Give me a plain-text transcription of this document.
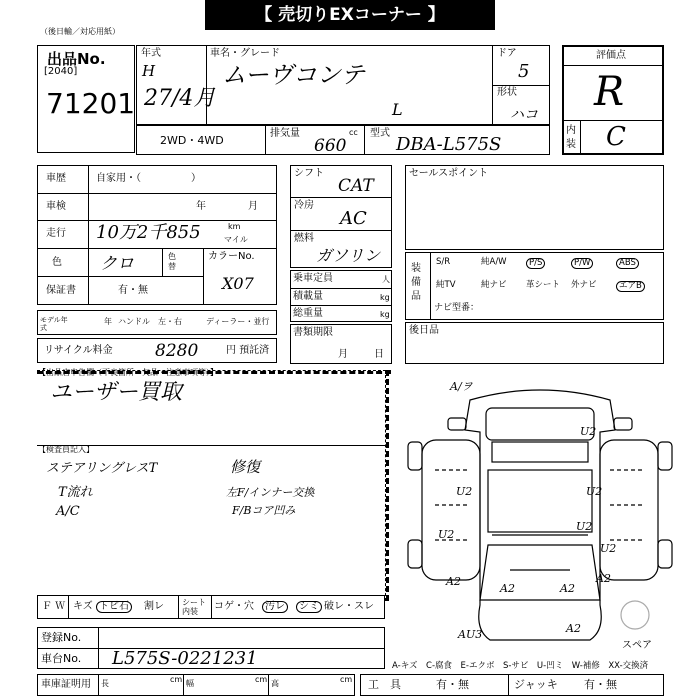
【 売切りEXコーナー 】
（後日輸／対応用紙）
出品No.
[2040]
71201
年式
H
27/4月
車名・グレード
ムーヴコンテ
L
ドア
5
形状
ハコ
2WD・4WD
排気量	cc
660
型式
DBA-L575S
評価点
R
内装 C
車歴	自家用・（　　　　　）
車検	年	月
走行 10万2千855	km
マイル
色 クロ	色替
カラーNo.
X07
保証書	有・無
モデル年式
年 ハンドル　左・右	ディーラー・並行
リサイクル料金 8280	円 預託済
シフト
CAT
冷房
AC
燃料
ガソリン
乗車定員	人
積載量	kg
総重量	kg
書類期限
月	日
セールスポイント
装備品
S/R	純A/W	P/S	P/W	ABS
純TV	純ナビ 革シート 外ナビ	エアB
ナビ型番：
後日品
【出品店申告欄（不良箇所・欠品・注意事項等）】
ユーザー買取
【検査員記入】
ステアリングレスT
T流れ
A/C
修復
左F/インナー交換
F/Bコア凹み
Ｆ Ｗ キズ トビ石	割レ シート 内装	コゲ・穴	汚レ	シミ 破レ・スレ
登録No.
車台No. L575S-0221231	A-キズ　C-腐食　E-エクボ　S-サビ　U-凹ミ　W-補修　XX-交換済
車庫証明用 長	cm 幅	cm 高	cm 工　具	有・無	ジャッキ 有・無
A/ヲ
U2
U2	U2
U2
U2
U2
A2
A2	A2
A2
AU3	A2
スペア
